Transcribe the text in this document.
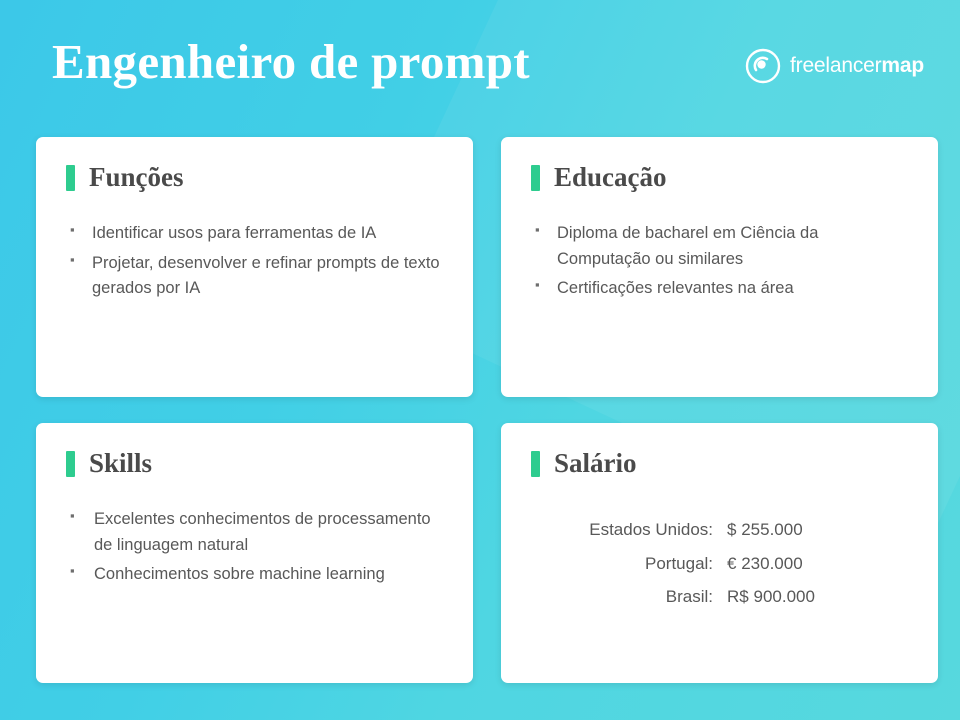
Engenheiro de prompt	freelancermap
Funções
▪ Identificar usos para ferramentas de IA
▪ Projetar, desenvolver e refinar prompts de texto gerados por IA
Educação
▪ Diploma de bacharel em Ciência da Computação ou similares
▪ Certificações relevantes na área
Skills
▪ Excelentes conhecimentos de processamento de linguagem natural
▪ Conhecimentos sobre machine learning
Salário
Estados Unidos:	$ 255.000
Portugal:	€ 230.000
Brasil:	R$ 900.000
